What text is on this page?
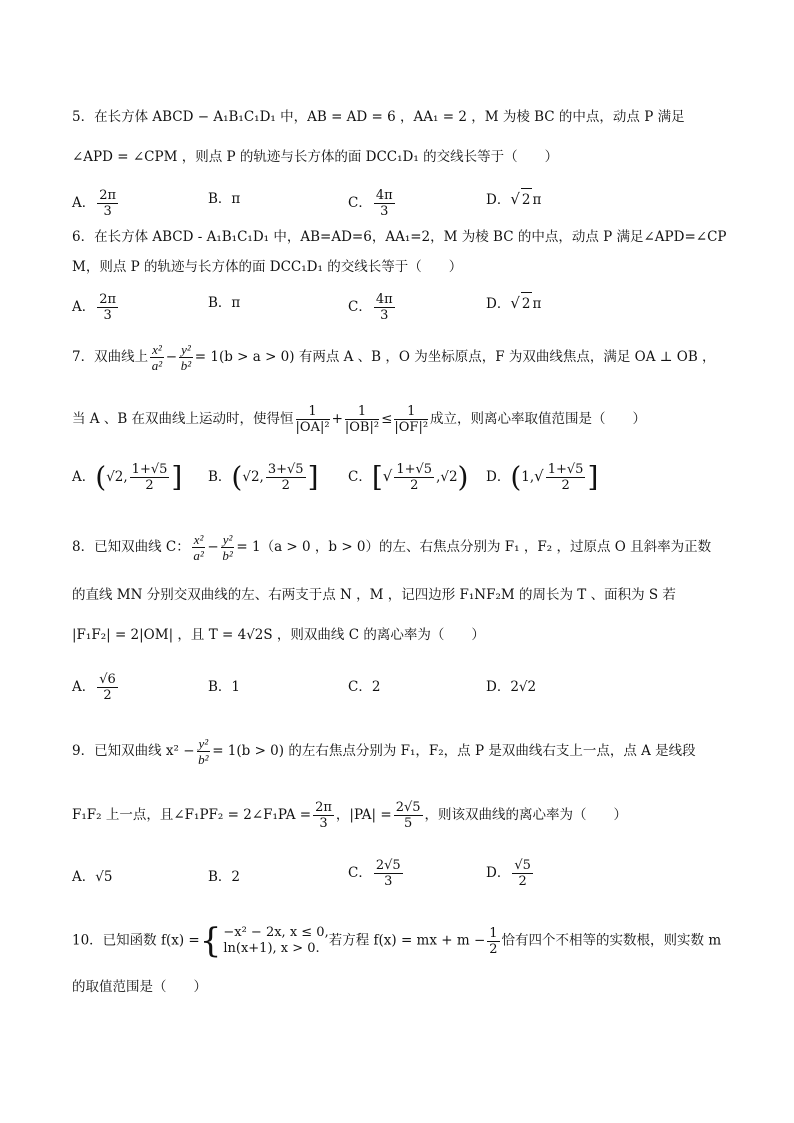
5．在长方体 ABCD − A₁B₁C₁D₁ 中，AB = AD = 6 ，AA₁ = 2 ，M 为棱 BC 的中点，动点 P 满足
∠APD = ∠CPM ，则点 P 的轨迹与长方体的面 DCC₁D₁ 的交线长等于（　　）
A． $\frac{2\pi}{3}$	B．π	C． $\frac{4\pi}{3}$	D．√ 2 π
6．在长方体 ABCD - A₁B₁C₁D₁ 中，AB=AD=6，AA₁=2，M 为棱 BC 的中点，动点 P 满足∠APD=∠CP
M，则点 P 的轨迹与长方体的面 DCC₁D₁ 的交线长等于（　　）
A． $\frac{2\pi}{3}$	B．π	C． $\frac{4\pi}{3}$	D．√ 2 π
7．双曲线上 $\frac{\text{x²}}{\text{a²}} - \frac{\text{y²}}{\text{b²}} = 1(b > a > 0)$ 有两点 A 、B ，O 为坐标原点，F 为双曲线焦点，满足 OA ⊥ OB ，
当 A 、B 在双曲线上运动时，使得恒 $\frac{1}{\text{|OA|²}} + \frac{1}{\text{|OB|²}} \le \frac{1}{\text{|OF|²}}$ 成立，则离心率取值范围是（　　）
A．(√2, $\frac{1+√5}{2}$ ] B．(√2, $\frac{3+√5}{2}$ ] C．[√ $\frac{1+√5}{2} ,√2$) D．($1,√ \frac{1+√5}{2}$ ]
8．已知双曲线 C： $\frac{\text{x²}}{\text{a²}} - \frac{\text{y²}}{\text{b²}} = 1(a > 0$ ，b > 0）的左、右焦点分别为 F₁ ，F₂ ，过原点 O 且斜率为正数
的直线 MN 分别交双曲线的左、右两支于点 N ，M ，记四边形 F₁NF₂M 的周长为 T 、面积为 S 若
|F₁F₂| = 2|OM| ，且 T = 4√2S ，则双曲线 C 的离心率为（　　）
A． $\frac{√6}{2}$	B．1	C．2	D．2√2
9．已知双曲线 $x^2 - \frac{\text{y²}}{\text{b²}} = 1(b > 0)$ 的左右焦点分别为 F₁，F₂，点 P 是双曲线右支上一点，点 A 是线段
F₁F₂ 上一点，且∠F₁PF₂ = 2∠F₁PA = $\frac{2\pi}{3}$ ，$|PA| = \frac{2√5}{5}$ ，则该双曲线的离心率为（　　）
A．√5	B．2	C． $\frac{2√5}{3}$	D． $\frac{√5}{2}$
10．已知函数 f(x) ={ −x² − 2x, x ≤ 0,
ln(x+1), x > 0. 若方程 f(x) = mx + $m - \frac{1}{2}$ 恰有四个不相等的实数根，则实数 m
的取值范围是（　　）
